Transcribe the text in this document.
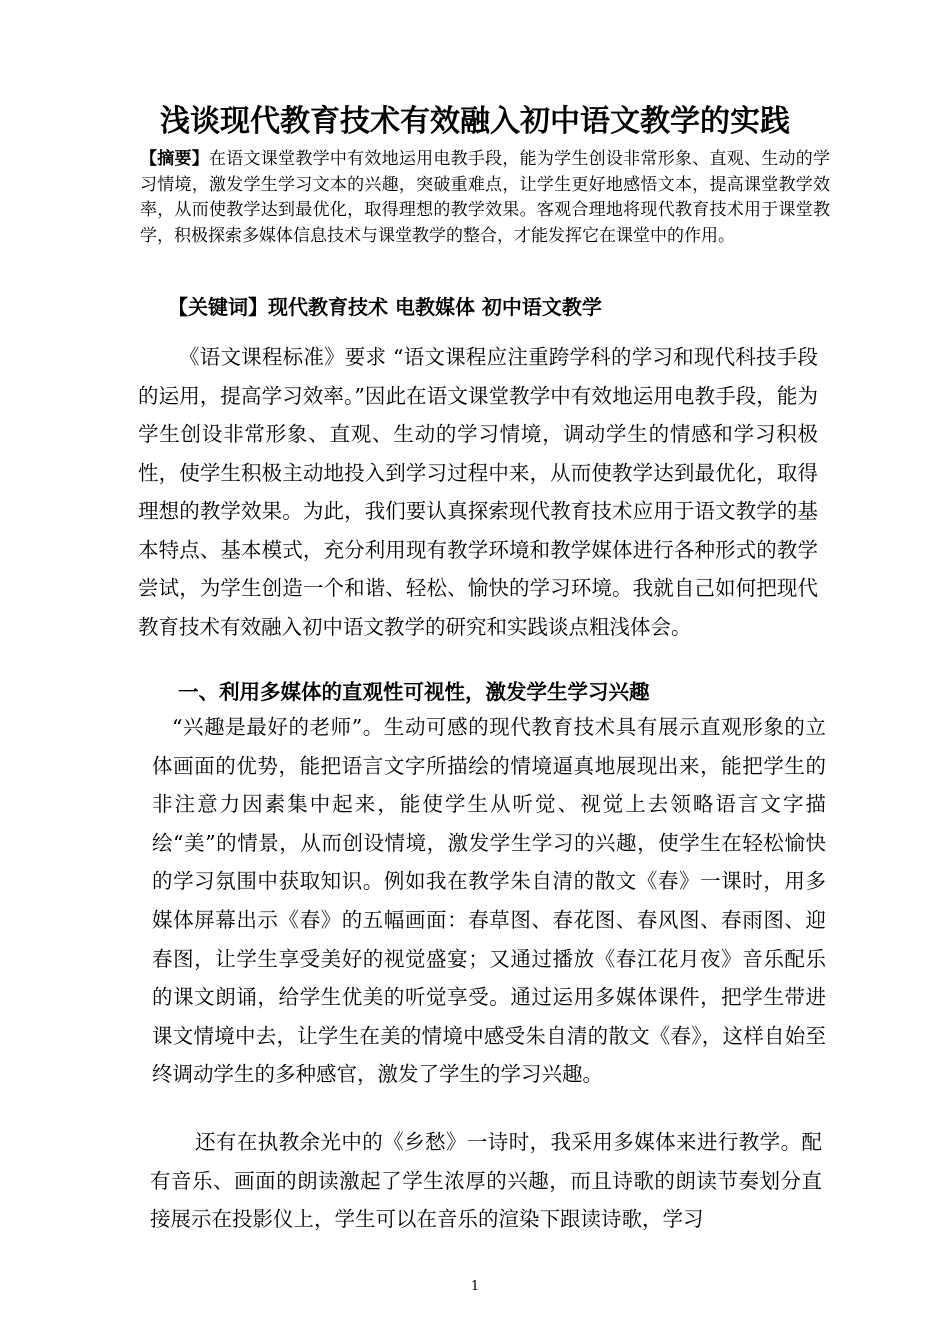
浅谈现代教育技术有效融入初中语文教学的实践

【摘要】在语文课堂教学中有效地运用电教手段，能为学生创设非常形象、直观、生动的学习情境，激发学生学习文本的兴趣，突破重难点，让学生更好地感悟文本，提高课堂教学效率，从而使教学达到最优化，取得理想的教学效果。客观合理地将现代教育技术用于课堂教学，积极探索多媒体信息技术与课堂教学的整合，才能发挥它在课堂中的作用。

【关键词】现代教育技术 电教媒体 初中语文教学

《语文课程标准》要求 “语文课程应注重跨学科的学习和现代科技手段的运用，提高学习效率。”因此在语文课堂教学中有效地运用电教手段，能为学生创设非常形象、直观、生动的学习情境，调动学生的情感和学习积极性，使学生积极主动地投入到学习过程中来，从而使教学达到最优化，取得理想的教学效果。为此，我们要认真探索现代教育技术应用于语文教学的基本特点、基本模式，充分利用现有教学环境和教学媒体进行各种形式的教学尝试，为学生创造一个和谐、轻松、愉快的学习环境。我就自己如何把现代教育技术有效融入初中语文教学的研究和实践谈点粗浅体会。

一、利用多媒体的直观性可视性，激发学生学习兴趣

“兴趣是最好的老师”。生动可感的现代教育技术具有展示直观形象的立体画面的优势，能把语言文字所描绘的情境逼真地展现出来，能把学生的非注意力因素集中起来，能使学生从听觉、视觉上去领略语言文字描绘“美”的情景，从而创设情境，激发学生学习的兴趣，使学生在轻松愉快的学习氛围中获取知识。例如我在教学朱自清的散文《春》一课时，用多媒体屏幕出示《春》的五幅画面：春草图、春花图、春风图、春雨图、迎春图，让学生享受美好的视觉盛宴；又通过播放《春江花月夜》音乐配乐的课文朗诵，给学生优美的听觉享受。通过运用多媒体课件，把学生带进课文情境中去，让学生在美的情境中感受朱自清的散文《春》，这样自始至终调动学生的多种感官，激发了学生的学习兴趣。

还有在执教余光中的《乡愁》一诗时，我采用多媒体来进行教学。配有音乐、画面的朗读激起了学生浓厚的兴趣，而且诗歌的朗读节奏划分直接展示在投影仪上，学生可以在音乐的渲染下跟读诗歌，学习

1
